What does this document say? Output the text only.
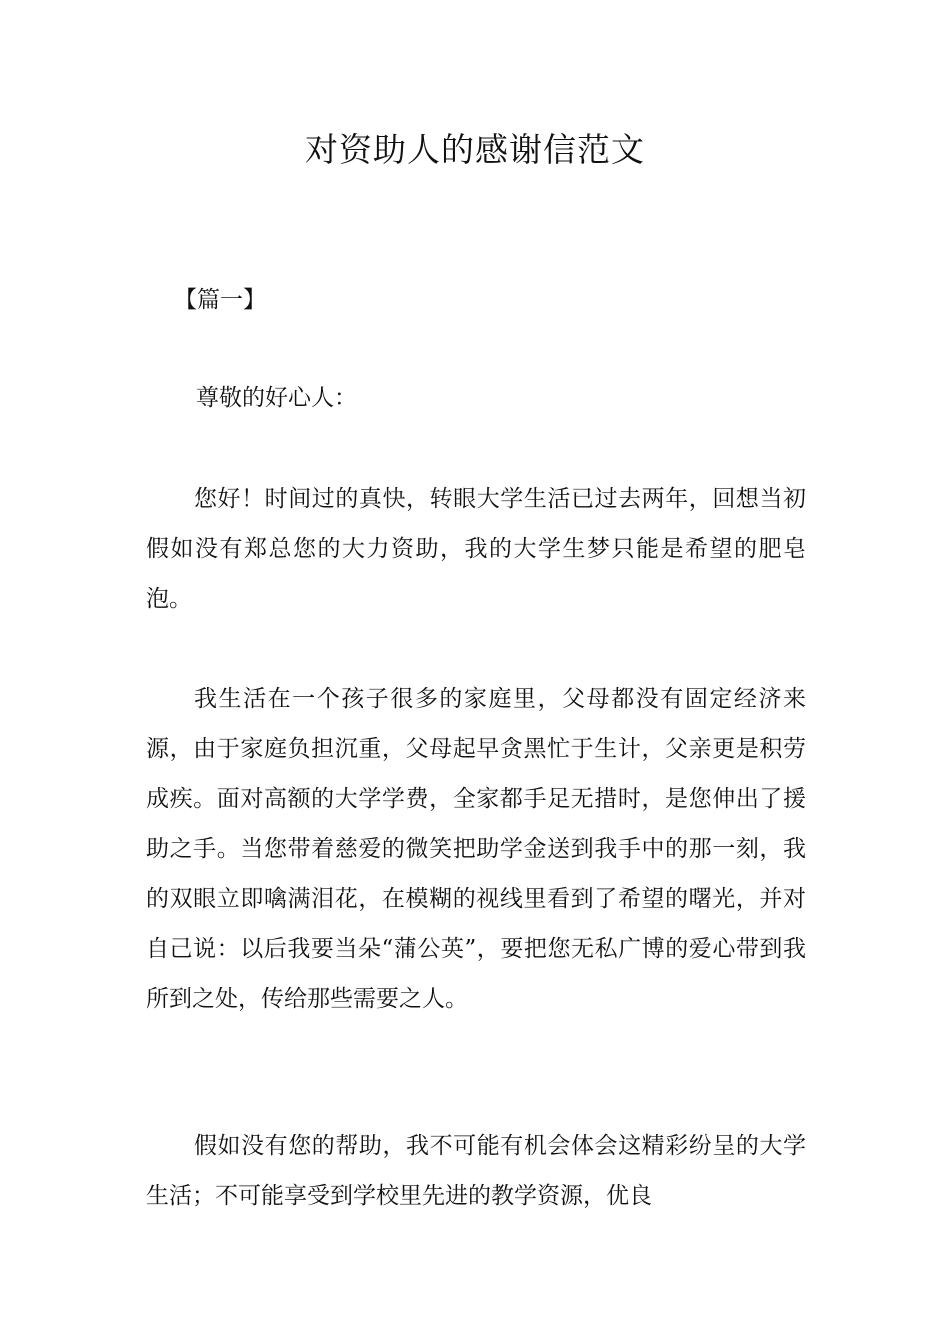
对资助人的感谢信范文
【篇一】
尊敬的好心人：

您好！时间过的真快，转眼大学生活已过去两年，回想当初假如没有郑总您的大力资助，我的大学生梦只能是希望的肥皂泡。

我生活在一个孩子很多的家庭里，父母都没有固定经济来源，由于家庭负担沉重，父母起早贪黑忙于生计，父亲更是积劳成疾。面对高额的大学学费，全家都手足无措时，是您伸出了援助之手。当您带着慈爱的微笑把助学金送到我手中的那一刻，我的双眼立即噙满泪花，在模糊的视线里看到了希望的曙光，并对自己说：以后我要当朵“蒲公英”，要把您无私广博的爱心带到我所到之处，传给那些需要之人。

假如没有您的帮助，我不可能有机会体会这精彩纷呈的大学生活；不可能享受到学校里先进的教学资源，优良
